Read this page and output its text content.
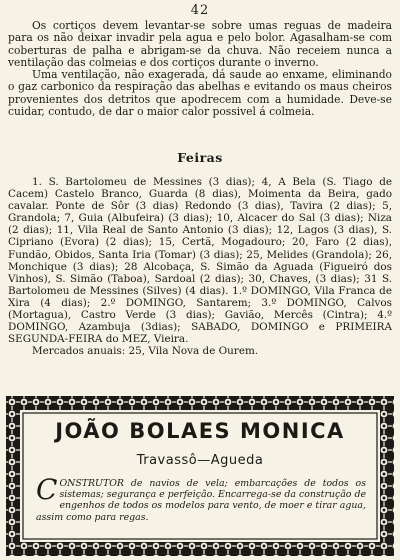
42

Os cortiços devem levantar-se sobre umas reguas de madeira para os não deixar invadir pela agua e pelo bolor. Agasalham-se com coberturas de palha e abrigam-se da chuva. Não receiem nunca a ventilação das colmeias e dos cortiços durante o inverno.

Uma ventilação, não exagerada, dá saude ao enxame, eliminando o gaz carbonico da respiração das abelhas e evitando os maus cheiros provenientes dos detritos que apodrecem com a humidade. Deve-se cuidar, contudo, de dar o maior calor possivel á colmeia.

Feiras

1. S. Bartolomeu de Messines (3 dias); 4, A Bela (S. Tiago de Cacem) Castelo Branco, Guarda (8 dias), Moimenta da Beira, gado cavalar. Ponte de Sôr (3 dias) Redondo (3 dias), Tavira (2 dias); 5, Grandola; 7, Guia (Albufeira) (3 dias); 10, Alcacer do Sal (3 dias); Niza (2 dias); 11, Vila Real de Santo Antonio (3 dias); 12, Lagos (3 dias), S. Cipriano (Evora) (2 dias); 15, Certã, Mogadouro; 20, Faro (2 dias), Fundão, Obidos, Santa Iria (Tomar) (3 dias); 25, Melides (Grandola); 26, Monchique (3 dias); 28 Alcobaça, S. Simão da Aguada (Figueiró dos Vinhos), S. Simão (Taboa), Sardoal (2 dias); 30, Chaves, (3 dias); 31 S. Bartolomeu de Messines (Silves) (4 dias). 1.º DOMINGO, Vila Franca de Xira (4 dias); 2.º DOMINGO, Santarem; 3.º DOMINGO, Calvos (Mortagua), Castro Verde (3 dias); Gavião, Mercês (Cintra); 4.º DOMINGO, Azambuja (3dias); SABADO, DOMINGO e PRIMEIRA SEGUNDA-FEIRA do MEZ, Vieira.

Mercados anuais: 25, Vila Nova de Ourem.

JOÃO BOLAES MONICA
Travassô—Agueda
CONSTRUTOR de navios de vela; embarcações de todos os sistemas; segurança e perfeição. Encarrega-se da construção de engenhos de todos os modelos para vento, de moer e tirar agua, assim como para regas.
